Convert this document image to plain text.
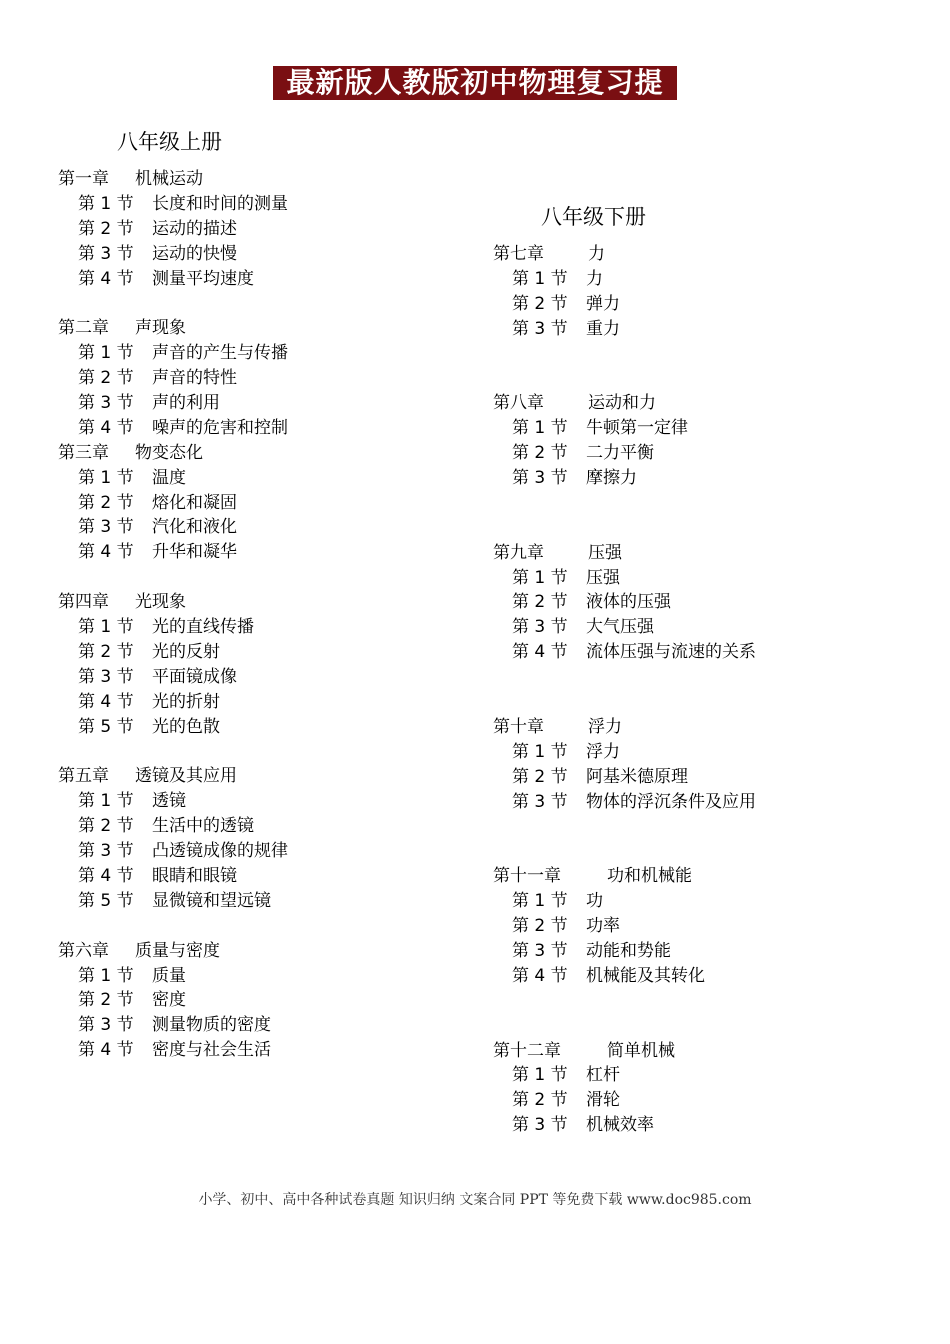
最新版人教版初中物理复习提纲
八年级上册
第一章 机械运动
第 1 节 长度和时间的测量
第 2 节 运动的描述
第 3 节 运动的快慢
第 4 节 测量平均速度
第二章 声现象
第 1 节 声音的产生与传播
第 2 节 声音的特性
第 3 节 声的利用
第 4 节 噪声的危害和控制
第三章 物变态化
第 1 节 温度
第 2 节 熔化和凝固
第 3 节 汽化和液化
第 4 节 升华和凝华
第四章 光现象
第 1 节 光的直线传播
第 2 节 光的反射
第 3 节 平面镜成像
第 4 节 光的折射
第 5 节 光的色散
第五章 透镜及其应用
第 1 节 透镜
第 2 节 生活中的透镜
第 3 节 凸透镜成像的规律
第 4 节 眼睛和眼镜
第 5 节 显微镜和望远镜
第六章 质量与密度
第 1 节 质量
第 2 节 密度
第 3 节 测量物质的密度
第 4 节 密度与社会生活
八年级下册
第七章	力
第 1 节 力
第 2 节 弹力
第 3 节 重力
第八章	运动和力
第 1 节 牛顿第一定律
第 2 节 二力平衡
第 3 节 摩擦力
第九章	压强
第 1 节 压强
第 2 节 液体的压强
第 3 节 大气压强
第 4 节 流体压强与流速的关系
第十章	浮力
第 1 节 浮力
第 2 节 阿基米德原理
第 3 节 物体的浮沉条件及应用
第十一章	功和机械能
第 1 节 功
第 2 节 功率
第 3 节 动能和势能
第 4 节 机械能及其转化
第十二章	简单机械
第 1 节 杠杆
第 2 节 滑轮
第 3 节 机械效率
小学、初中、高中各种试卷真题 知识归纳 文案合同 PPT 等免费下载 www.doc985.com
